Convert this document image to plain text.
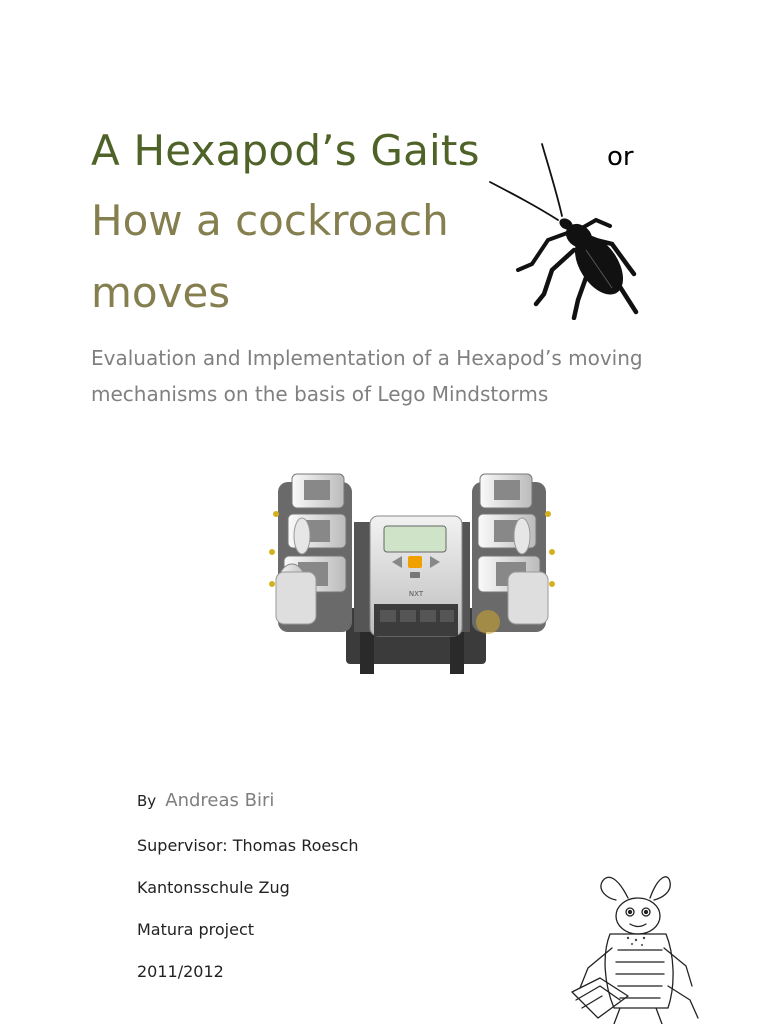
A Hexapod’s Gaits	or
How a cockroach
moves
Evaluation and Implementation of a Hexapod’s moving mechanisms on the basis of Lego Mindstorms
NXT
By Andreas Biri
Supervisor: Thomas Roesch
Kantonsschule Zug
Matura project
2011/2012
